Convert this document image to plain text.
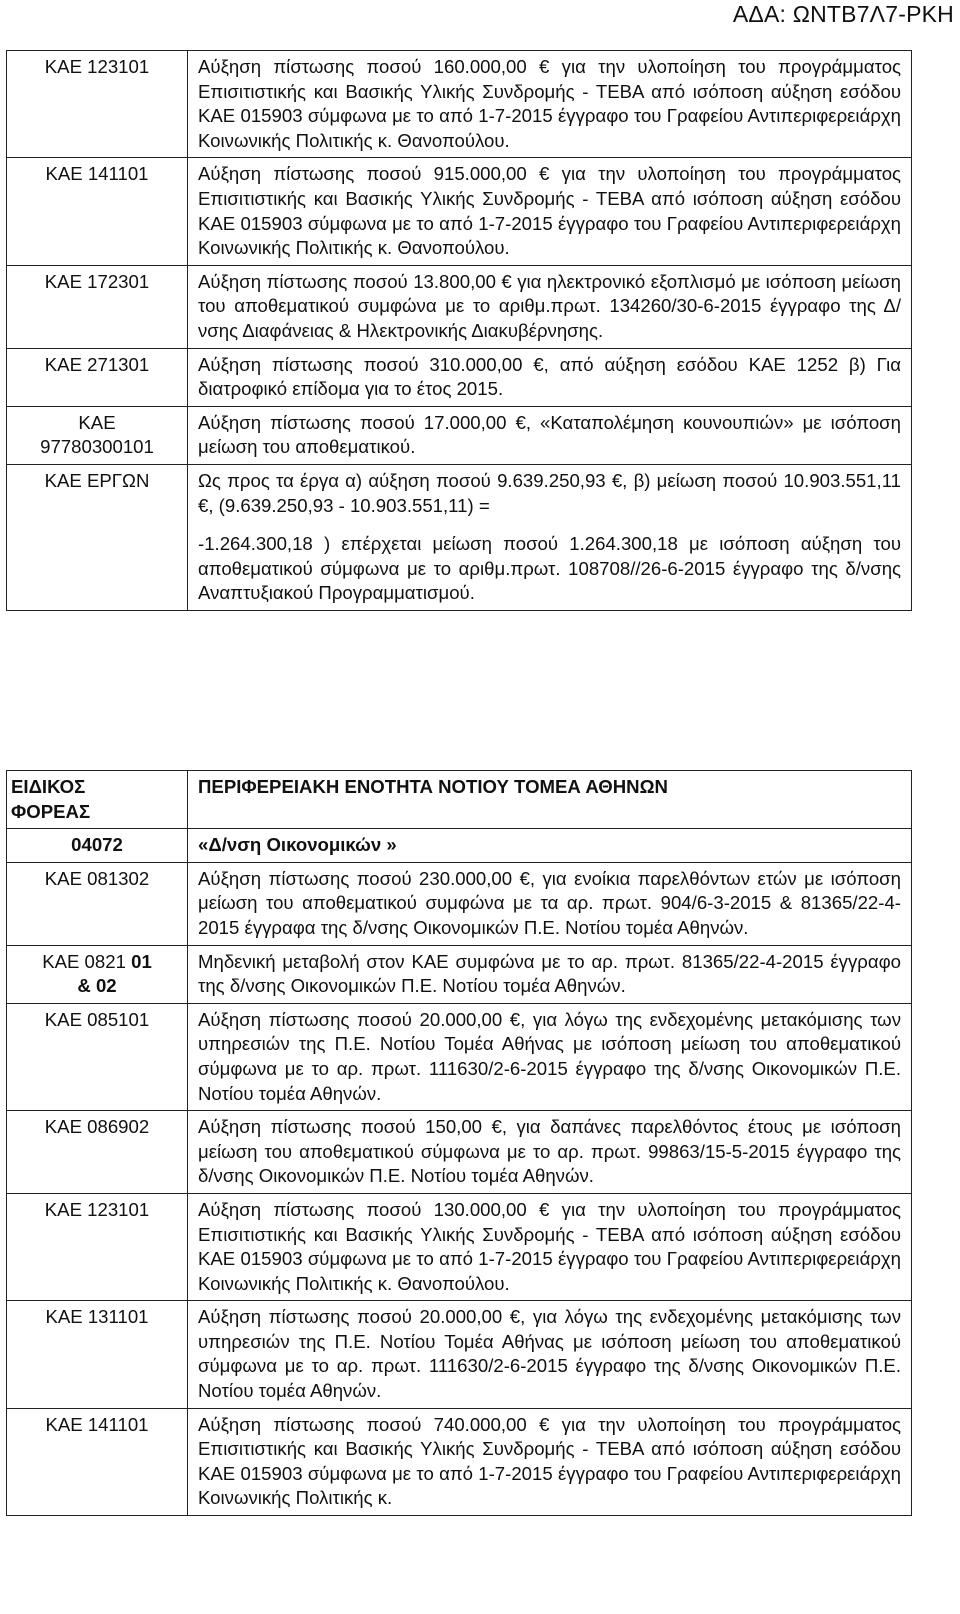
ΑΔΑ: ΩΝΤΒ7Λ7-ΡΚΗ
ΚΑΕ 123101	Αύξηση πίστωσης ποσού 160.000,00 € για την υλοποίηση του προγράμματος Επισιτιστικής και Βασικής Υλικής Συνδρομής - ΤΕΒΑ από ισόποση αύξηση εσόδου ΚΑΕ 015903 σύμφωνα με το από 1-7-2015 έγγραφο του Γραφείου Αντιπεριφερειάρχη Κοινωνικής Πολιτικής κ. Θανοπούλου.
ΚΑΕ 141101	Αύξηση πίστωσης ποσού 915.000,00 € για την υλοποίηση του προγράμματος Επισιτιστικής και Βασικής Υλικής Συνδρομής - ΤΕΒΑ από ισόποση αύξηση εσόδου ΚΑΕ 015903 σύμφωνα με το από 1-7-2015 έγγραφο του Γραφείου Αντιπεριφερειάρχη Κοινωνικής Πολιτικής κ. Θανοπούλου.
ΚΑΕ 172301	Αύξηση πίστωσης ποσού 13.800,00 € για ηλεκτρονικό εξοπλισμό με ισόποση μείωση του αποθεματικού συμφώνα με το αριθμ.πρωτ. 134260/30-6-2015 έγγραφο της Δ/νσης Διαφάνειας & Ηλεκτρονικής Διακυβέρνησης.
ΚΑΕ 271301	Αύξηση πίστωσης ποσού 310.000,00 €, από αύξηση εσόδου ΚΑΕ 1252 β) Για διατροφικό επίδομα για το έτος 2015.

ΚΑΕ
97780300101	Αύξηση πίστωσης ποσού 17.000,00 €, «Καταπολέμηση κουνουπιών» με ισόποση μείωση του αποθεματικού.
ΚΑΕ ΕΡΓΩΝ	Ως προς τα έργα α) αύξηση ποσού 9.639.250,93 €, β) μείωση ποσού 10.903.551,11 €, (9.639.250,93 - 10.903.551,11) =
-1.264.300,18 ) επέρχεται μείωση ποσού 1.264.300,18 με ισόποση αύξηση του αποθεματικού σύμφωνα με το αριθμ.πρωτ. 108708//26-6-2015 έγγραφο της δ/νσης Αναπτυξιακού Προγραμματισμού.
ΕΙΔΙΚΟΣ
ΦΟΡΕΑΣ	ΠΕΡΙΦΕΡΕΙΑΚΗ ΕΝΟΤΗΤΑ ΝΟΤΙΟΥ ΤΟΜΕΑ ΑΘΗΝΩΝ
04072	«Δ/νση Οικονομικών »
ΚΑΕ 081302	Αύξηση πίστωσης ποσού 230.000,00 €, για ενοίκια παρελθόντων ετών με ισόποση μείωση του αποθεματικού συμφώνα με τα αρ. πρωτ. 904/6-3-2015 & 81365/22-4-2015 έγγραφα της δ/νσης Οικονομικών Π.Ε. Νοτίου τομέα Αθηνών.
ΚΑΕ 0821 01
& 02	Μηδενική μεταβολή στον ΚΑΕ συμφώνα με το αρ. πρωτ. 81365/22-4-2015 έγγραφο της δ/νσης Οικονομικών Π.Ε. Νοτίου τομέα Αθηνών.
ΚΑΕ 085101	Αύξηση πίστωσης ποσού 20.000,00 €, για λόγω της ενδεχομένης μετακόμισης των υπηρεσιών της Π.Ε. Νοτίου Τομέα Αθήνας με ισόποση μείωση του αποθεματικού σύμφωνα με το αρ. πρωτ. 111630/2-6-2015 έγγραφο της δ/νσης Οικονομικών Π.Ε. Νοτίου τομέα Αθηνών.
ΚΑΕ 086902	Αύξηση πίστωσης ποσού 150,00 €, για δαπάνες παρελθόντος έτους με ισόποση μείωση του αποθεματικού σύμφωνα με το αρ. πρωτ. 99863/15-5-2015 έγγραφο της δ/νσης Οικονομικών Π.Ε. Νοτίου τομέα Αθηνών.
ΚΑΕ 123101	Αύξηση πίστωσης ποσού 130.000,00 € για την υλοποίηση του προγράμματος Επισιτιστικής και Βασικής Υλικής Συνδρομής - ΤΕΒΑ από ισόποση αύξηση εσόδου ΚΑΕ 015903 σύμφωνα με το από 1-7-2015 έγγραφο του Γραφείου Αντιπεριφερειάρχη Κοινωνικής Πολιτικής κ. Θανοπούλου.
ΚΑΕ 131101	Αύξηση πίστωσης ποσού 20.000,00 €, για λόγω της ενδεχομένης μετακόμισης των υπηρεσιών της Π.Ε. Νοτίου Τομέα Αθήνας με ισόποση μείωση του αποθεματικού σύμφωνα με το αρ. πρωτ. 111630/2-6-2015 έγγραφο της δ/νσης Οικονομικών Π.Ε. Νοτίου τομέα Αθηνών.
ΚΑΕ 141101	Αύξηση πίστωσης ποσού 740.000,00 € για την υλοποίηση του προγράμματος Επισιτιστικής και Βασικής Υλικής Συνδρομής - ΤΕΒΑ από ισόποση αύξηση εσόδου ΚΑΕ 015903 σύμφωνα με το από 1-7-2015 έγγραφο του Γραφείου Αντιπεριφερειάρχη Κοινωνικής Πολιτικής κ.
